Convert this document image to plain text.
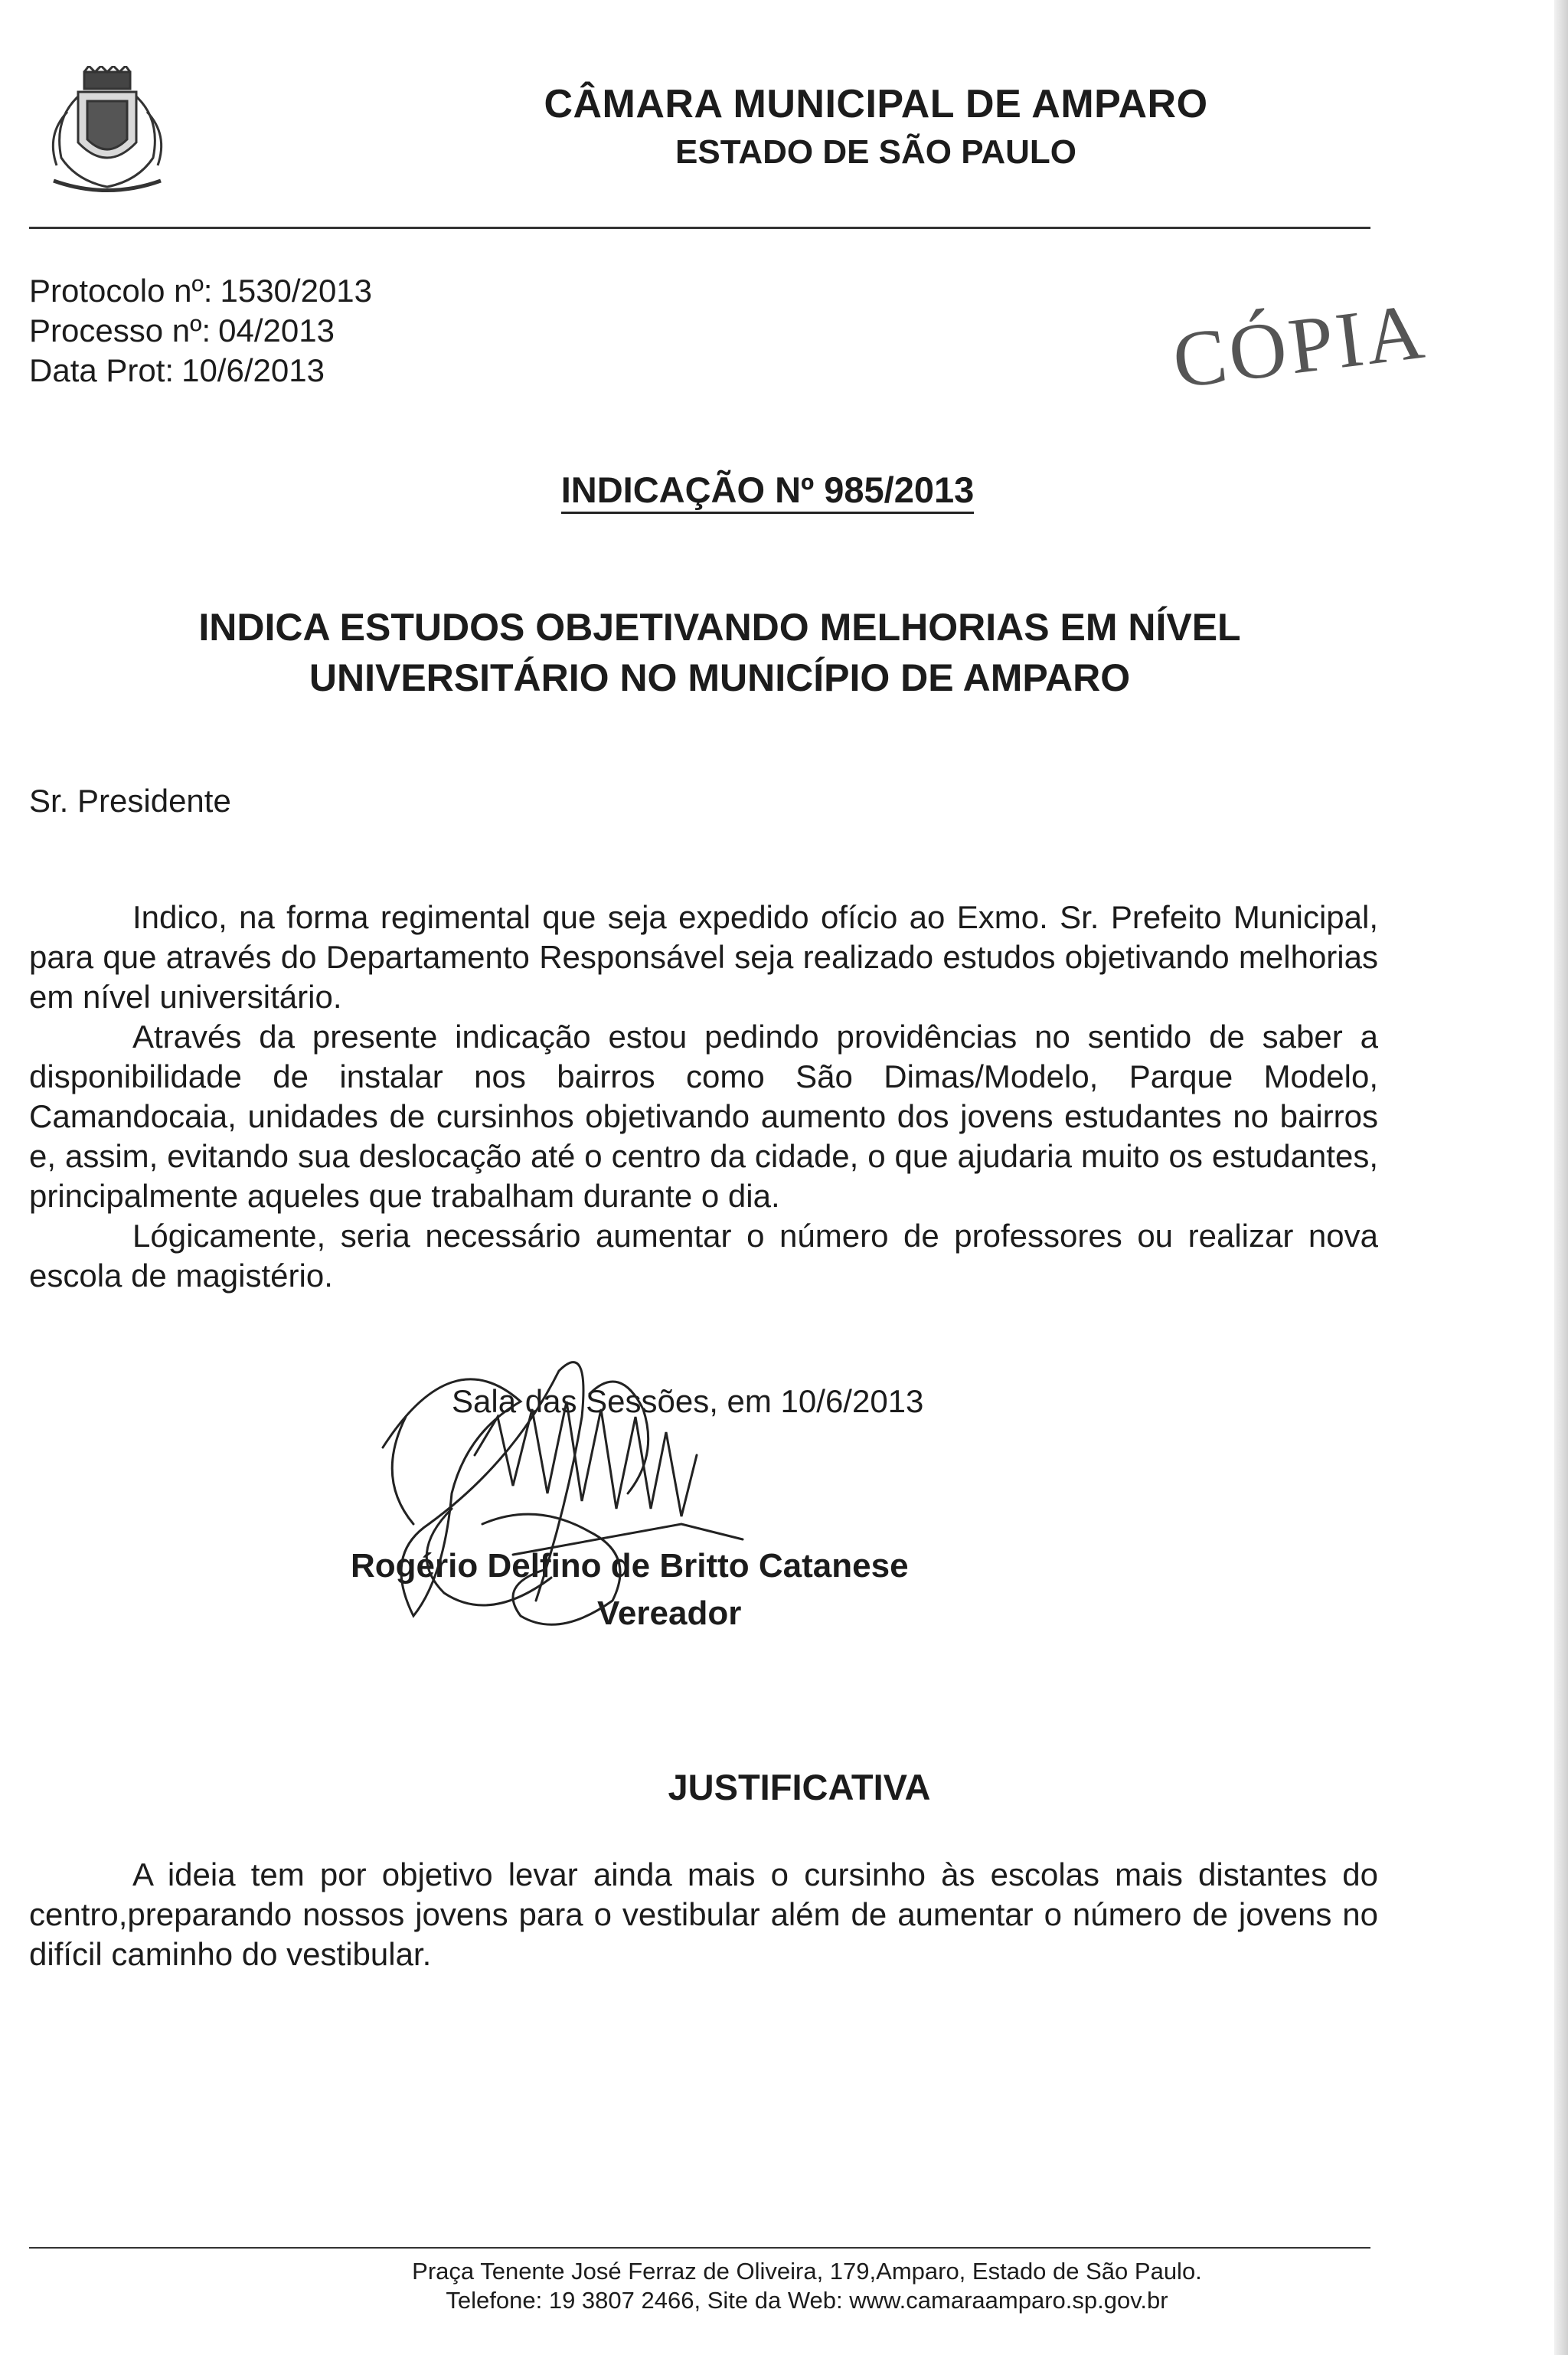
CÂMARA MUNICIPAL DE AMPARO
ESTADO DE SÃO PAULO
Protocolo nº: 1530/2013
Processo nº: 04/2013
Data Prot: 10/6/2013	CÓPIA
INDICAÇÃO Nº 985/2013
INDICA ESTUDOS OBJETIVANDO MELHORIAS EM NÍVEL
UNIVERSITÁRIO NO MUNICÍPIO DE AMPARO
Sr. Presidente

Indico, na forma regimental que seja expedido ofício ao Exmo. Sr. Prefeito Municipal, para que através do Departamento Responsável seja realizado estudos objetivando melhorias em nível universitário.

Através da presente indicação estou pedindo providências no sentido de saber a disponibilidade de instalar nos bairros como São Dimas/Modelo, Parque Modelo, Camandocaia, unidades de cursinhos objetivando aumento dos jovens estudantes no bairros e, assim, evitando sua deslocação até o centro da cidade, o que ajudaria muito os estudantes, principalmente aqueles que trabalham durante o dia.

Lógicamente, seria necessário aumentar o número de professores ou realizar nova escola de magistério.

Sala das Sessões, em 10/6/2013
Rogério Delfino de Britto Catanese
Vereador
JUSTIFICATIVA

A ideia tem por objetivo levar ainda mais o cursinho às escolas mais distantes do centro,preparando nossos jovens para o vestibular além de aumentar o número de jovens no difícil caminho do vestibular.

Praça Tenente José Ferraz de Oliveira, 179,Amparo, Estado de São Paulo.
Telefone: 19 3807 2466, Site da Web: www.camaraamparo.sp.gov.br
